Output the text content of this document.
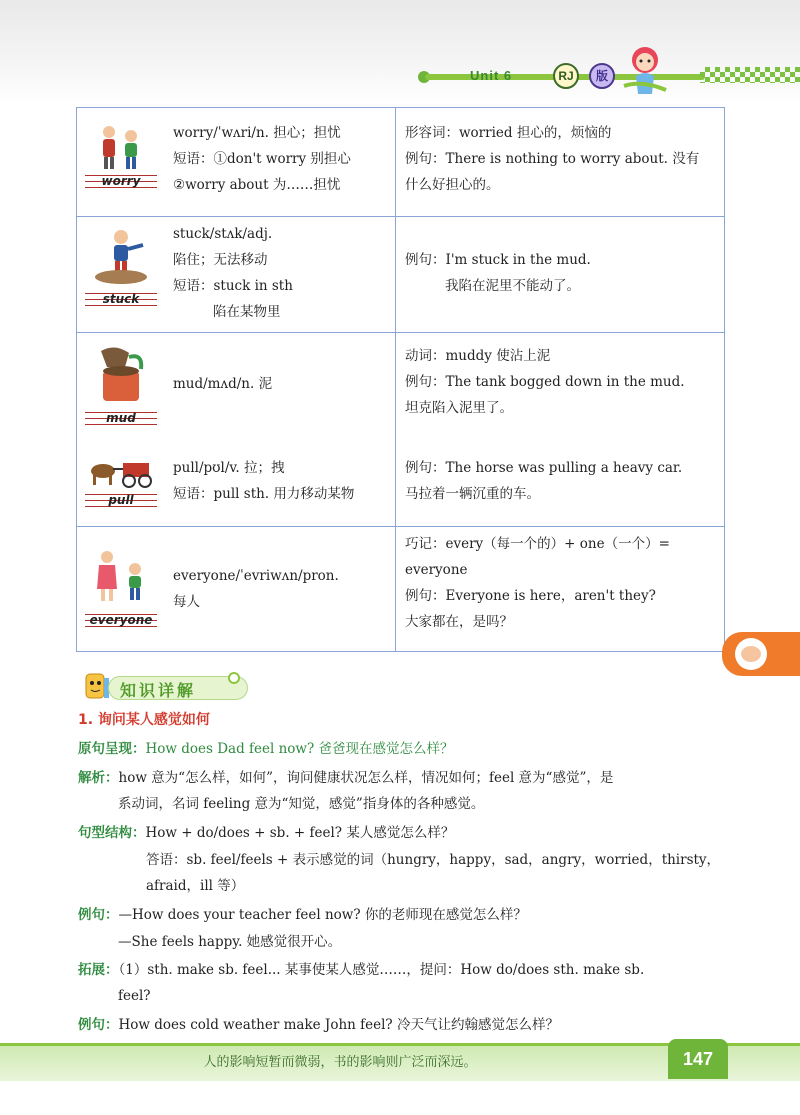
Unit 6	RJ	版
worry
worry/ˈwʌri/n. 担心；担忧
短语：①don't worry 别担心
②worry about 为……担忧
形容词：worried 担心的，烦恼的
例句：There is nothing to worry about. 没有
什么好担心的。
stuck
stuck/stʌk/adj.
陷住；无法移动
短语：stuck in sth
陷在某物里
例句：I'm stuck in the mud.
我陷在泥里不能动了。
mud
mud/mʌd/n. 泥
动词：muddy 使沾上泥
例句：The tank bogged down in the mud.
坦克陷入泥里了。
pull
pull/pʊl/v. 拉；拽
短语：pull sth. 用力移动某物
例句：The horse was pulling a heavy car.
马拉着一辆沉重的车。
everyone
everyone/ˈevriwʌn/pron.
每人
巧记：every（每一个的）+ one（一个）=
everyone
例句：Everyone is here，aren't they?
大家都在，是吗？
知识详解
1. 询问某人感觉如何
原句呈现：How does Dad feel now? 爸爸现在感觉怎么样？
解析：how 意为“怎么样，如何”，询问健康状况怎么样，情况如何；feel 意为“感觉”，是
系动词，名词 feeling 意为“知觉，感觉”指身体的各种感觉。
句型结构：How + do/does + sb. + feel? 某人感觉怎么样？
答语：sb. feel/feels + 表示感觉的词（hungry，happy，sad，angry，worried，thirsty，
afraid，ill 等）
例句：—How does your teacher feel now? 你的老师现在感觉怎么样？
—She feels happy. 她感觉很开心。
拓展：（1）sth. make sb. feel... 某事使某人感觉……，提问：How do/does sth. make sb.
feel?
例句：How does cold weather make John feel? 冷天气让约翰感觉怎么样？
人的影响短暂而微弱，书的影响则广泛而深远。	147
